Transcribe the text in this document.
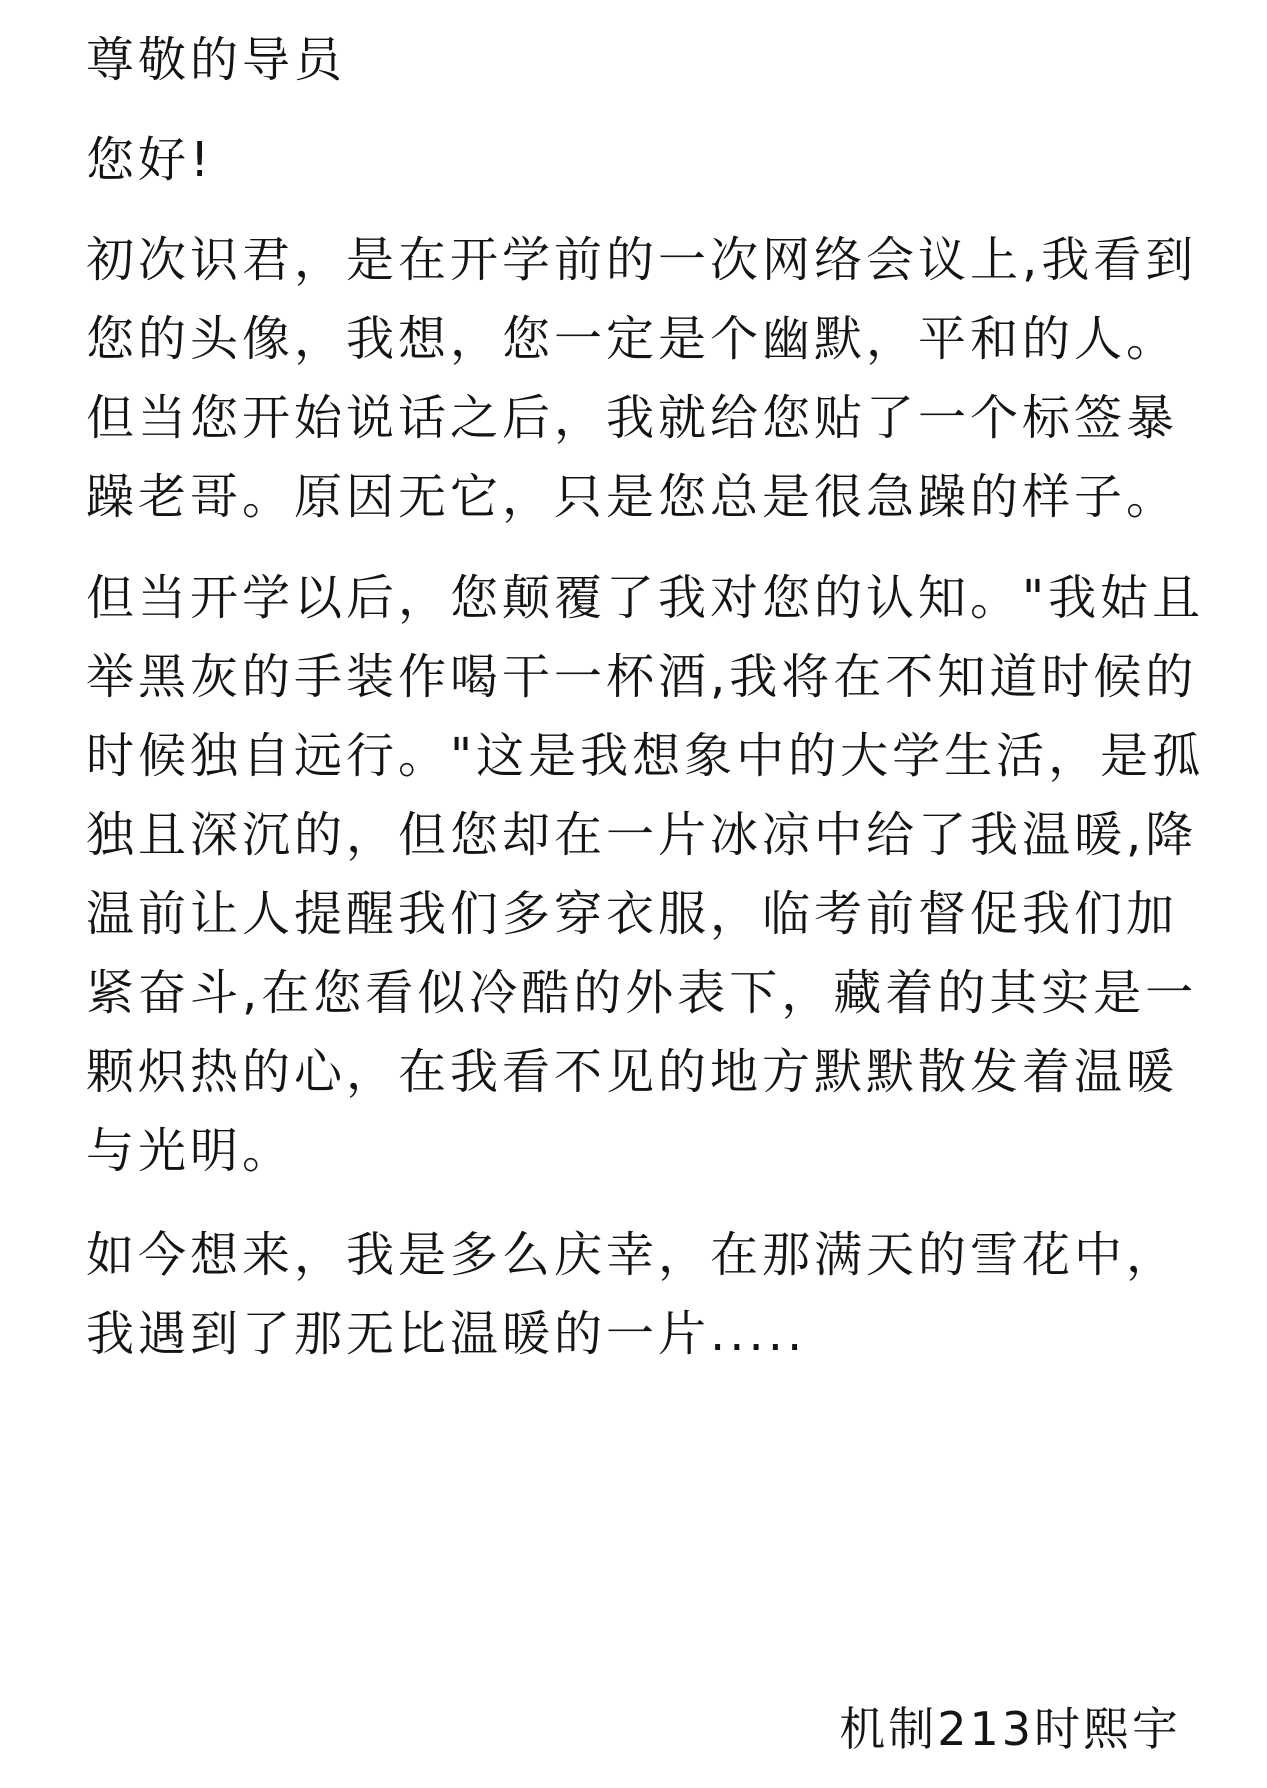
尊敬的导员

您好!

初次识君，是在开学前的一次网络会议上,我看到

您的头像，我想，您一定是个幽默，平和的人。

但当您开始说话之后，我就给您贴了一个标签暴

躁老哥。原因无它，只是您总是很急躁的样子。

但当开学以后，您颠覆了我对您的认知。"我姑且

举黑灰的手装作喝干一杯酒,我将在不知道时候的

时候独自远行。"这是我想象中的大学生活，是孤

独且深沉的，但您却在一片冰凉中给了我温暖,降

温前让人提醒我们多穿衣服，临考前督促我们加

紧奋斗,在您看似冷酷的外表下，藏着的其实是一

颗炽热的心，在我看不见的地方默默散发着温暖

与光明。

如今想来，我是多么庆幸，在那满天的雪花中，

我遇到了那无比温暖的一片.....

机制213时熙宇
